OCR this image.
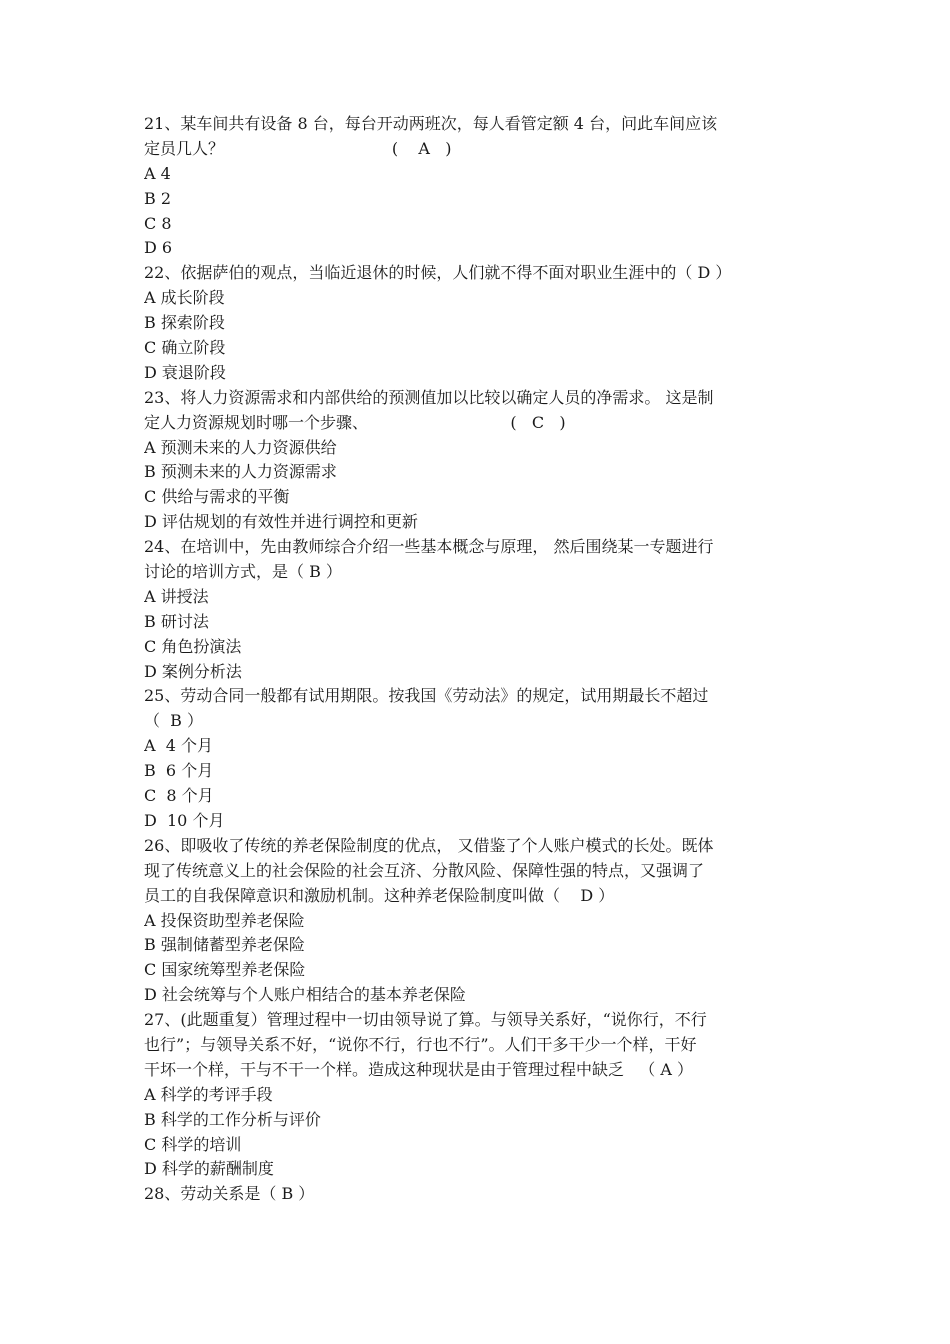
21、某车间共有设备 8 台，每台开动两班次，每人看管定额 4 台，问此车间应该
定员几人？                                 (    A   )
A 4
B 2
C 8
D 6
22、依据萨伯的观点，当临近退休的时候，人们就不得不面对职业生涯中的（ D ）
A 成长阶段
B 探索阶段
C 确立阶段
D 衰退阶段
23、将人力资源需求和内部供给的预测值加以比较以确定人员的净需求。 这是制
定人力资源规划时哪一个步骤、                            (   C   )
A 预测未来的人力资源供给
B 预测未来的人力资源需求
C 供给与需求的平衡
D 评估规划的有效性并进行调控和更新
24、在培训中，先由教师综合介绍一些基本概念与原理， 然后围绕某一专题进行
讨论的培训方式，是（ B ）
A 讲授法
B 研讨法
C 角色扮演法
D 案例分析法
25、劳动合同一般都有试用期限。按我国《劳动法》的规定，试用期最长不超过
（  B ）
A  4 个月
B  6 个月
C  8 个月
D  10 个月
26、即吸收了传统的养老保险制度的优点， 又借鉴了个人账户模式的长处。既体
现了传统意义上的社会保险的社会互济、分散风险、保障性强的特点，又强调了
员工的自我保障意识和激励机制。这种养老保险制度叫做（    D ）
A 投保资助型养老保险
B 强制储蓄型养老保险
C 国家统筹型养老保险
D 社会统筹与个人账户相结合的基本养老保险
27、(此题重复）管理过程中一切由领导说了算。与领导关系好，“说你行，不行
也行”；与领导关系不好，“说你不行，行也不行”。人们干多干少一个样，干好
干坏一个样，干与不干一个样。造成这种现状是由于管理过程中缺乏   （ A ）
A 科学的考评手段
B 科学的工作分析与评价
C 科学的培训
D 科学的薪酬制度
28、劳动关系是（ B ）
